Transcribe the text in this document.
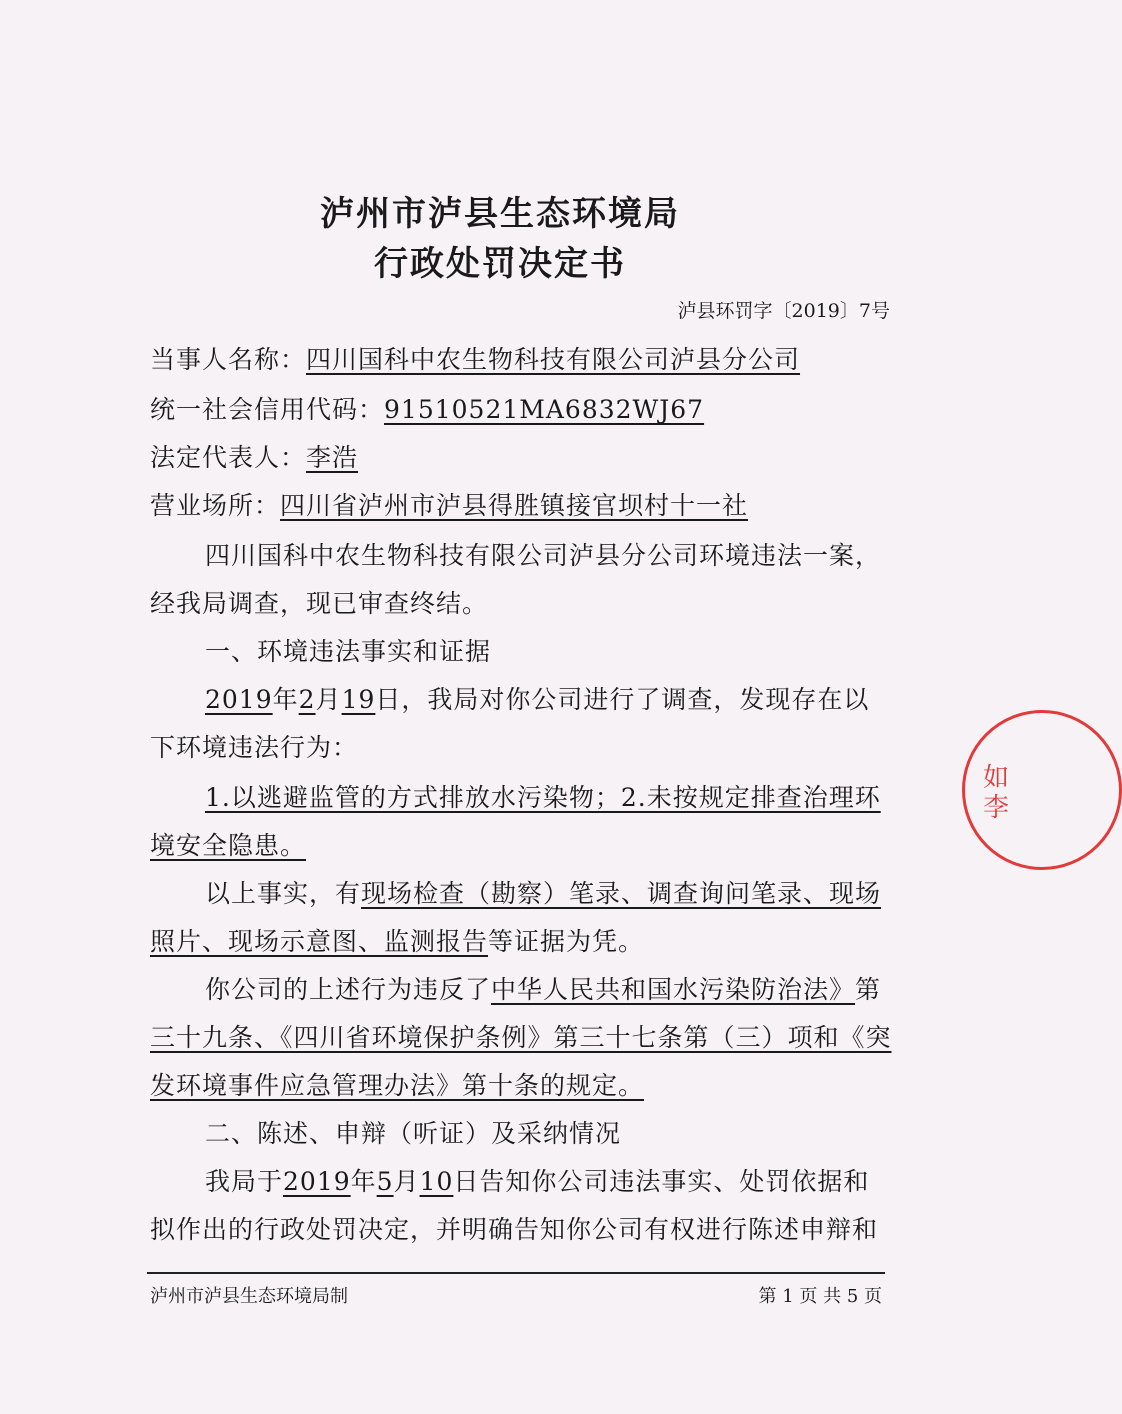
泸州市泸县生态环境局
行政处罚决定书
泸县环罚字〔2019〕7号
当事人名称：四川国科中农生物科技有限公司泸县分公司
统一社会信用代码：91510521MA6832WJ67
法定代表人：李浩
营业场所：四川省泸州市泸县得胜镇接官坝村十一社
四川国科中农生物科技有限公司泸县分公司环境违法一案，
经我局调查，现已审查终结。
一、环境违法事实和证据
2019年2月19日，我局对你公司进行了调查，发现存在以
下环境违法行为：
1.以逃避监管的方式排放水污染物；2.未按规定排查治理环
境安全隐患。
以上事实，有现场检查（勘察）笔录、调查询问笔录、现场
照片、现场示意图、监测报告等证据为凭。
你公司的上述行为违反了中华人民共和国水污染防治法》第
三十九条、《四川省环境保护条例》第三十七条第（三）项和《突
发环境事件应急管理办法》第十条的规定。
二、陈述、申辩（听证）及采纳情况
我局于2019年5月10日告知你公司违法事实、处罚依据和
拟作出的行政处罚决定，并明确告知你公司有权进行陈述申辩和
泸州市泸县生态环境局制	第 1 页 共 5 页
如
李
